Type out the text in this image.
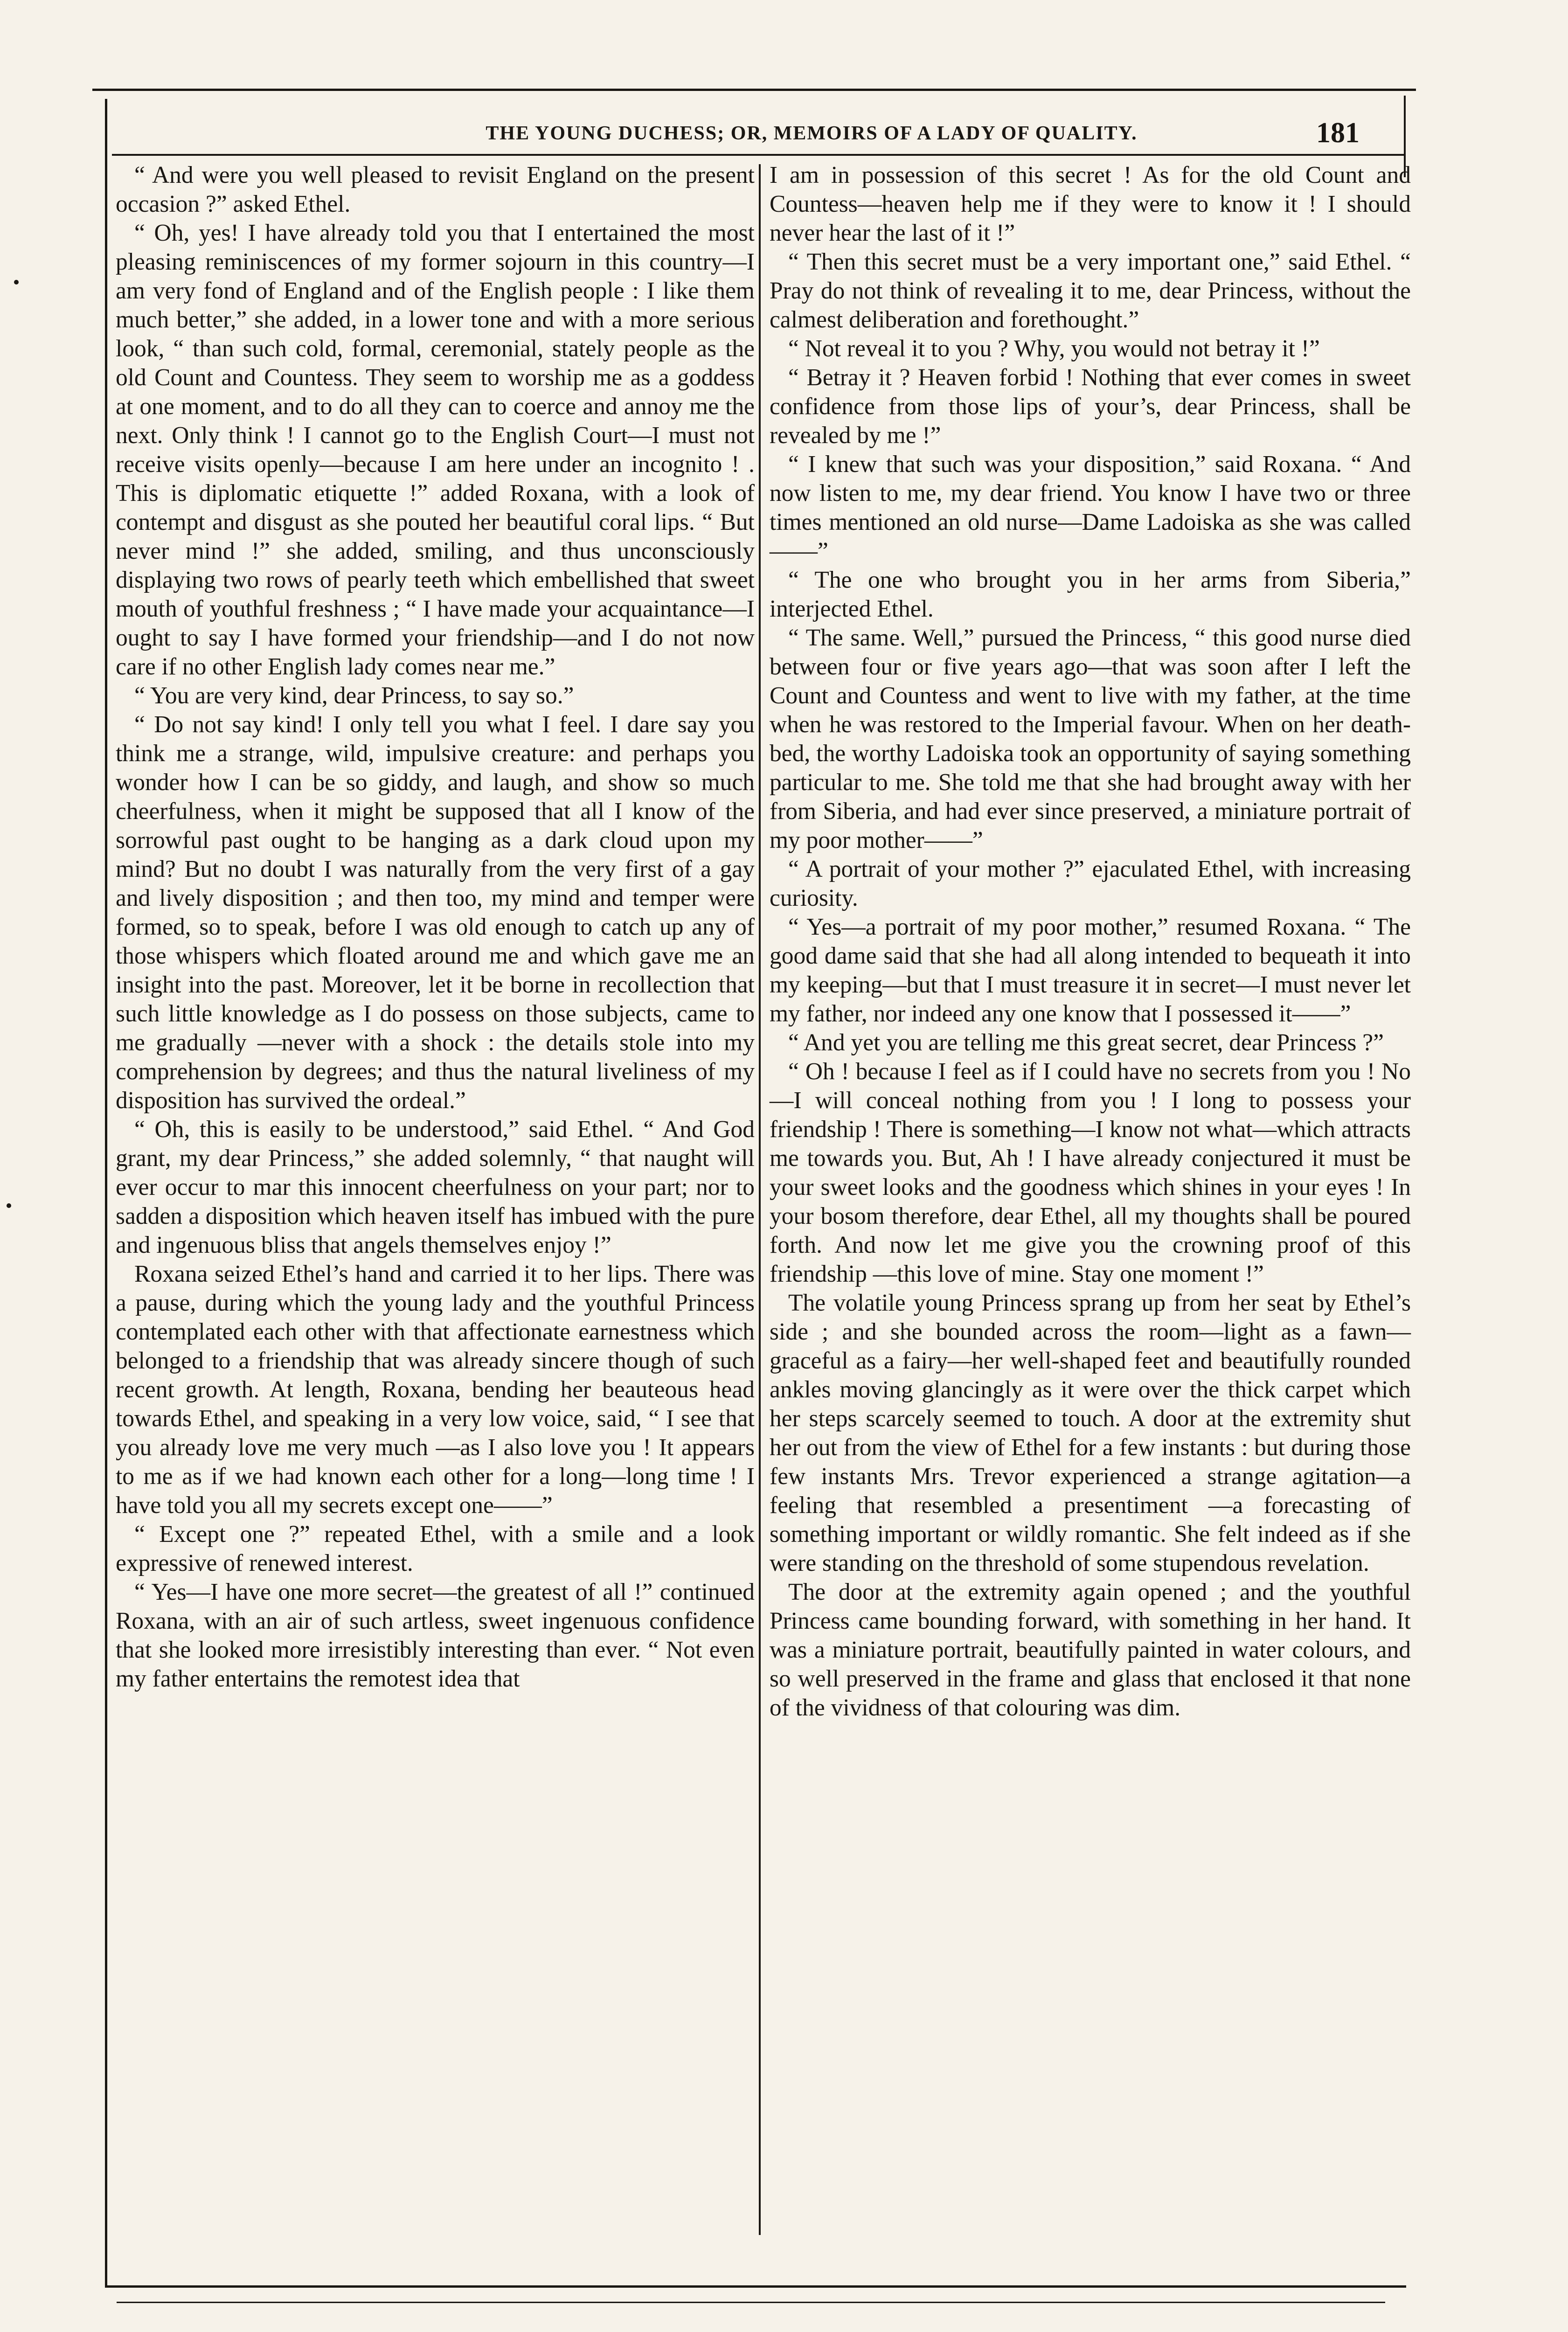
THE YOUNG DUCHESS; OR, MEMOIRS OF A LADY OF QUALITY.	181

“ And were you well pleased to revisit England on the present occasion ?” asked Ethel.

“ Oh, yes! I have already told you that I entertained the most pleasing reminiscences of my former sojourn in this country—I am very fond of England and of the English people : I like them much better,” she added, in a lower tone and with a more serious look, “ than such cold, formal, ceremonial, stately people as the old Count and Countess. They seem to worship me as a goddess at one moment, and to do all they can to coerce and annoy me the next. Only think ! I cannot go to the English Court—I must not receive visits openly—because I am here under an incognito ! . This is diplomatic etiquette !” added Roxana, with a look of contempt and disgust as she pouted her beautiful coral lips. “ But never mind !” she added, smiling, and thus unconsciously displaying two rows of pearly teeth which embellished that sweet mouth of youthful freshness ; “ I have made your acquaintance—I ought to say I have formed your friendship—and I do not now care if no other English lady comes near me.”

“ You are very kind, dear Princess, to say so.”

“ Do not say kind! I only tell you what I feel. I dare say you think me a strange, wild, impulsive creature: and perhaps you wonder how I can be so giddy, and laugh, and show so much cheerfulness, when it might be supposed that all I know of the sorrowful past ought to be hanging as a dark cloud upon my mind? But no doubt I was naturally from the very first of a gay and lively disposition ; and then too, my mind and temper were formed, so to speak, before I was old enough to catch up any of those whispers which floated around me and which gave me an insight into the past. Moreover, let it be borne in recollection that such little knowledge as I do possess on those subjects, came to me gradually —never with a shock : the details stole into my comprehension by degrees; and thus the natural liveliness of my disposition has survived the ordeal.”

“ Oh, this is easily to be understood,” said Ethel. “ And God grant, my dear Princess,” she added solemnly, “ that naught will ever occur to mar this innocent cheerfulness on your part; nor to sadden a disposition which heaven itself has imbued with the pure and ingenuous bliss that angels themselves enjoy !”

Roxana seized Ethel’s hand and carried it to her lips. There was a pause, during which the young lady and the youthful Princess contemplated each other with that affectionate earnestness which belonged to a friendship that was already sincere though of such recent growth. At length, Roxana, bending her beauteous head towards Ethel, and speaking in a very low voice, said, “ I see that you already love me very much —as I also love you ! It appears to me as if we had known each other for a long—long time ! I have told you all my secrets except one——”

“ Except one ?” repeated Ethel, with a smile and a look expressive of renewed interest.

“ Yes—I have one more secret—the greatest of all !” continued Roxana, with an air of such artless, sweet ingenuous confidence that she looked more irresistibly interesting than ever. “ Not even my father entertains the remotest idea that

I am in possession of this secret ! As for the old Count and Countess—heaven help me if they were to know it ! I should never hear the last of it !”

“ Then this secret must be a very important one,” said Ethel. “ Pray do not think of revealing it to me, dear Princess, without the calmest deliberation and forethought.”

“ Not reveal it to you ? Why, you would not betray it !”

“ Betray it ? Heaven forbid ! Nothing that ever comes in sweet confidence from those lips of your’s, dear Princess, shall be revealed by me !”

“ I knew that such was your disposition,” said Roxana. “ And now listen to me, my dear friend. You know I have two or three times mentioned an old nurse—Dame Ladoiska as she was called——”

“ The one who brought you in her arms from Siberia,” interjected Ethel.

“ The same. Well,” pursued the Princess, “ this good nurse died between four or five years ago—that was soon after I left the Count and Countess and went to live with my father, at the time when he was restored to the Imperial favour. When on her death-bed, the worthy Ladoiska took an opportunity of saying something particular to me. She told me that she had brought away with her from Siberia, and had ever since preserved, a miniature portrait of my poor mother——”

“ A portrait of your mother ?” ejaculated Ethel, with increasing curiosity.

“ Yes—a portrait of my poor mother,” resumed Roxana. “ The good dame said that she had all along intended to bequeath it into my keeping—but that I must treasure it in secret—I must never let my father, nor indeed any one know that I possessed it——”

“ And yet you are telling me this great secret, dear Princess ?”

“ Oh ! because I feel as if I could have no secrets from you ! No—I will conceal nothing from you ! I long to possess your friendship ! There is something—I know not what—which attracts me towards you. But, Ah ! I have already conjectured it must be your sweet looks and the goodness which shines in your eyes ! In your bosom therefore, dear Ethel, all my thoughts shall be poured forth. And now let me give you the crowning proof of this friendship —this love of mine. Stay one moment !”

The volatile young Princess sprang up from her seat by Ethel’s side ; and she bounded across the room—light as a fawn—graceful as a fairy—her well-shaped feet and beautifully rounded ankles moving glancingly as it were over the thick carpet which her steps scarcely seemed to touch. A door at the extremity shut her out from the view of Ethel for a few instants : but during those few instants Mrs. Trevor experienced a strange agitation—a feeling that resembled a presentiment —a forecasting of something important or wildly romantic. She felt indeed as if she were standing on the threshold of some stupendous revelation.

The door at the extremity again opened ; and the youthful Princess came bounding forward, with something in her hand. It was a miniature portrait, beautifully painted in water colours, and so well preserved in the frame and glass that enclosed it that none of the vividness of that colouring was dim.
